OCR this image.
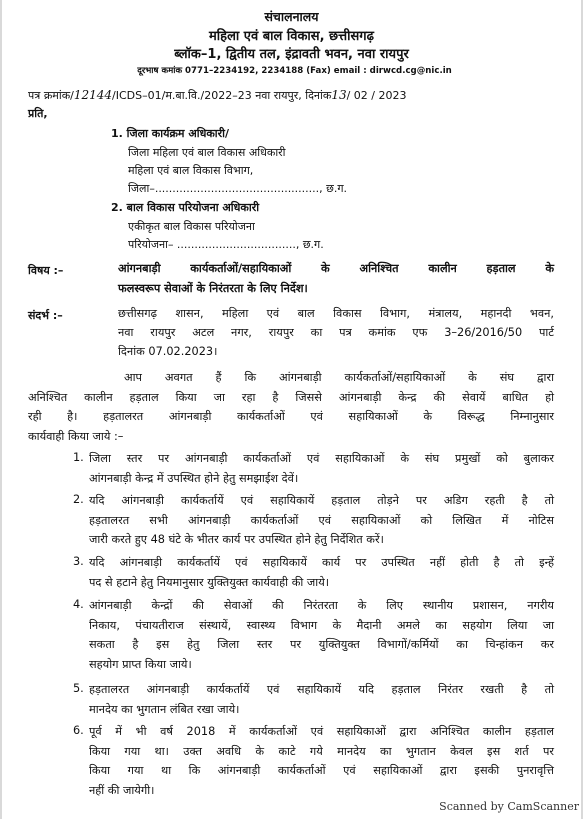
संचालनालय
महिला एवं बाल विकास, छत्तीसगढ़
ब्लॉक–1, द्वितीय तल, इंद्रावती भवन, नवा रायपुर
दूरभाष कमांक 0771–2234192, 2234188 (Fax) email : dirwcd.cg@nic.in
पत्र क्रमांक/12144/ICDS–01/म.बा.वि./2022–23 नवा रायपुर, दिनांक13/ 02 / 2023
प्रति,
1. जिला कार्यक्रम अधिकारी/
जिला महिला एवं बाल विकास अधिकारी
महिला एवं बाल विकास विभाग,
जिला–..............................................., छ.ग.
2. बाल विकास परियोजना अधिकारी
एकीकृत बाल विकास परियोजना
परियोजना– .................................., छ.ग.
विषय :–	आंगनबाड़ी कार्यकर्ताओं/सहायिकाओं के अनिश्चित कालीन हड़ताल के
फलस्वरूप सेवाओं के निरंतरता के लिए निर्देश।
संदर्भ :–	छत्तीसगढ़ शासन, महिला एवं बाल विकास विभाग, मंत्रालय, महानदी भवन,
नवा रायपुर अटल नगर, रायपुर का पत्र कमांक एफ 3–26/2016/50 पार्ट
दिनांक 07.02.2023।
आप अवगत हैं कि आंगनबाड़ी कार्यकर्ताओं/सहायिकाओं के संघ द्वारा
अनिश्चित कालीन हड़ताल किया जा रहा है जिससे आंगनबाड़ी केन्द्र की सेवायें बाधित हो
रही है। हड़तालरत आंगनबाड़ी कार्यकर्ताओं एवं सहायिकाओं के विरूद्ध निम्नानुसार
कार्यवाही किया जाये :–
1. जिला स्तर पर आंगनबाड़ी कार्यकर्ताओं एवं सहायिकाओं के संघ प्रमुखों को बुलाकर
आंगनबाड़ी केन्द्र में उपस्थित होने हेतु समझाईश देवें।
2. यदि आंगनबाड़ी कार्यकर्तायें एवं सहायिकायें हड़ताल तोड़ने पर अडिग रहती है तो
हड़तालरत सभी आंगनबाड़ी कार्यकर्ताओं एवं सहायिकाओं को लिखित में नोटिस
जारी करते हुए 48 घंटे के भीतर कार्य पर उपस्थित होने हेतु निर्देशित करें।
3. यदि आंगनबाड़ी कार्यकर्तायें एवं सहायिकायें कार्य पर उपस्थित नहीं होती है तो इन्हें
पद से हटाने हेतु नियमानुसार युक्तियुक्त कार्यवाही की जाये।
4. आंगनबाड़ी केन्द्रों की सेवाओं की निरंतरता के लिए स्थानीय प्रशासन, नगरीय
निकाय, पंचायतीराज संस्थायें, स्वास्थ्य विभाग के मैदानी अमले का सहयोग लिया जा
सकता है इस हेतु जिला स्तर पर युक्तियुक्त विभागों/कर्मियों का चिन्हांकन कर
सहयोग प्राप्त किया जाये।
5. हड़तालरत आंगनबाड़ी कार्यकर्तायें एवं सहायिकायें यदि हड़ताल निरंतर रखती है तो
मानदेय का भुगतान लंबित रखा जाये।
6. पूर्व में भी वर्ष 2018 में कार्यकर्ताओं एवं सहायिकाओं द्वारा अनिश्चित कालीन हड़ताल
किया गया था। उक्त अवधि के काटे गये मानदेय का भुगतान केवल इस शर्त पर
किया गया था कि आंगनबाड़ी कार्यकर्ताओं एवं सहायिकाओं द्वारा इसकी पुनरावृत्ति
नहीं की जायेगी।
Scanned by CamScanner
